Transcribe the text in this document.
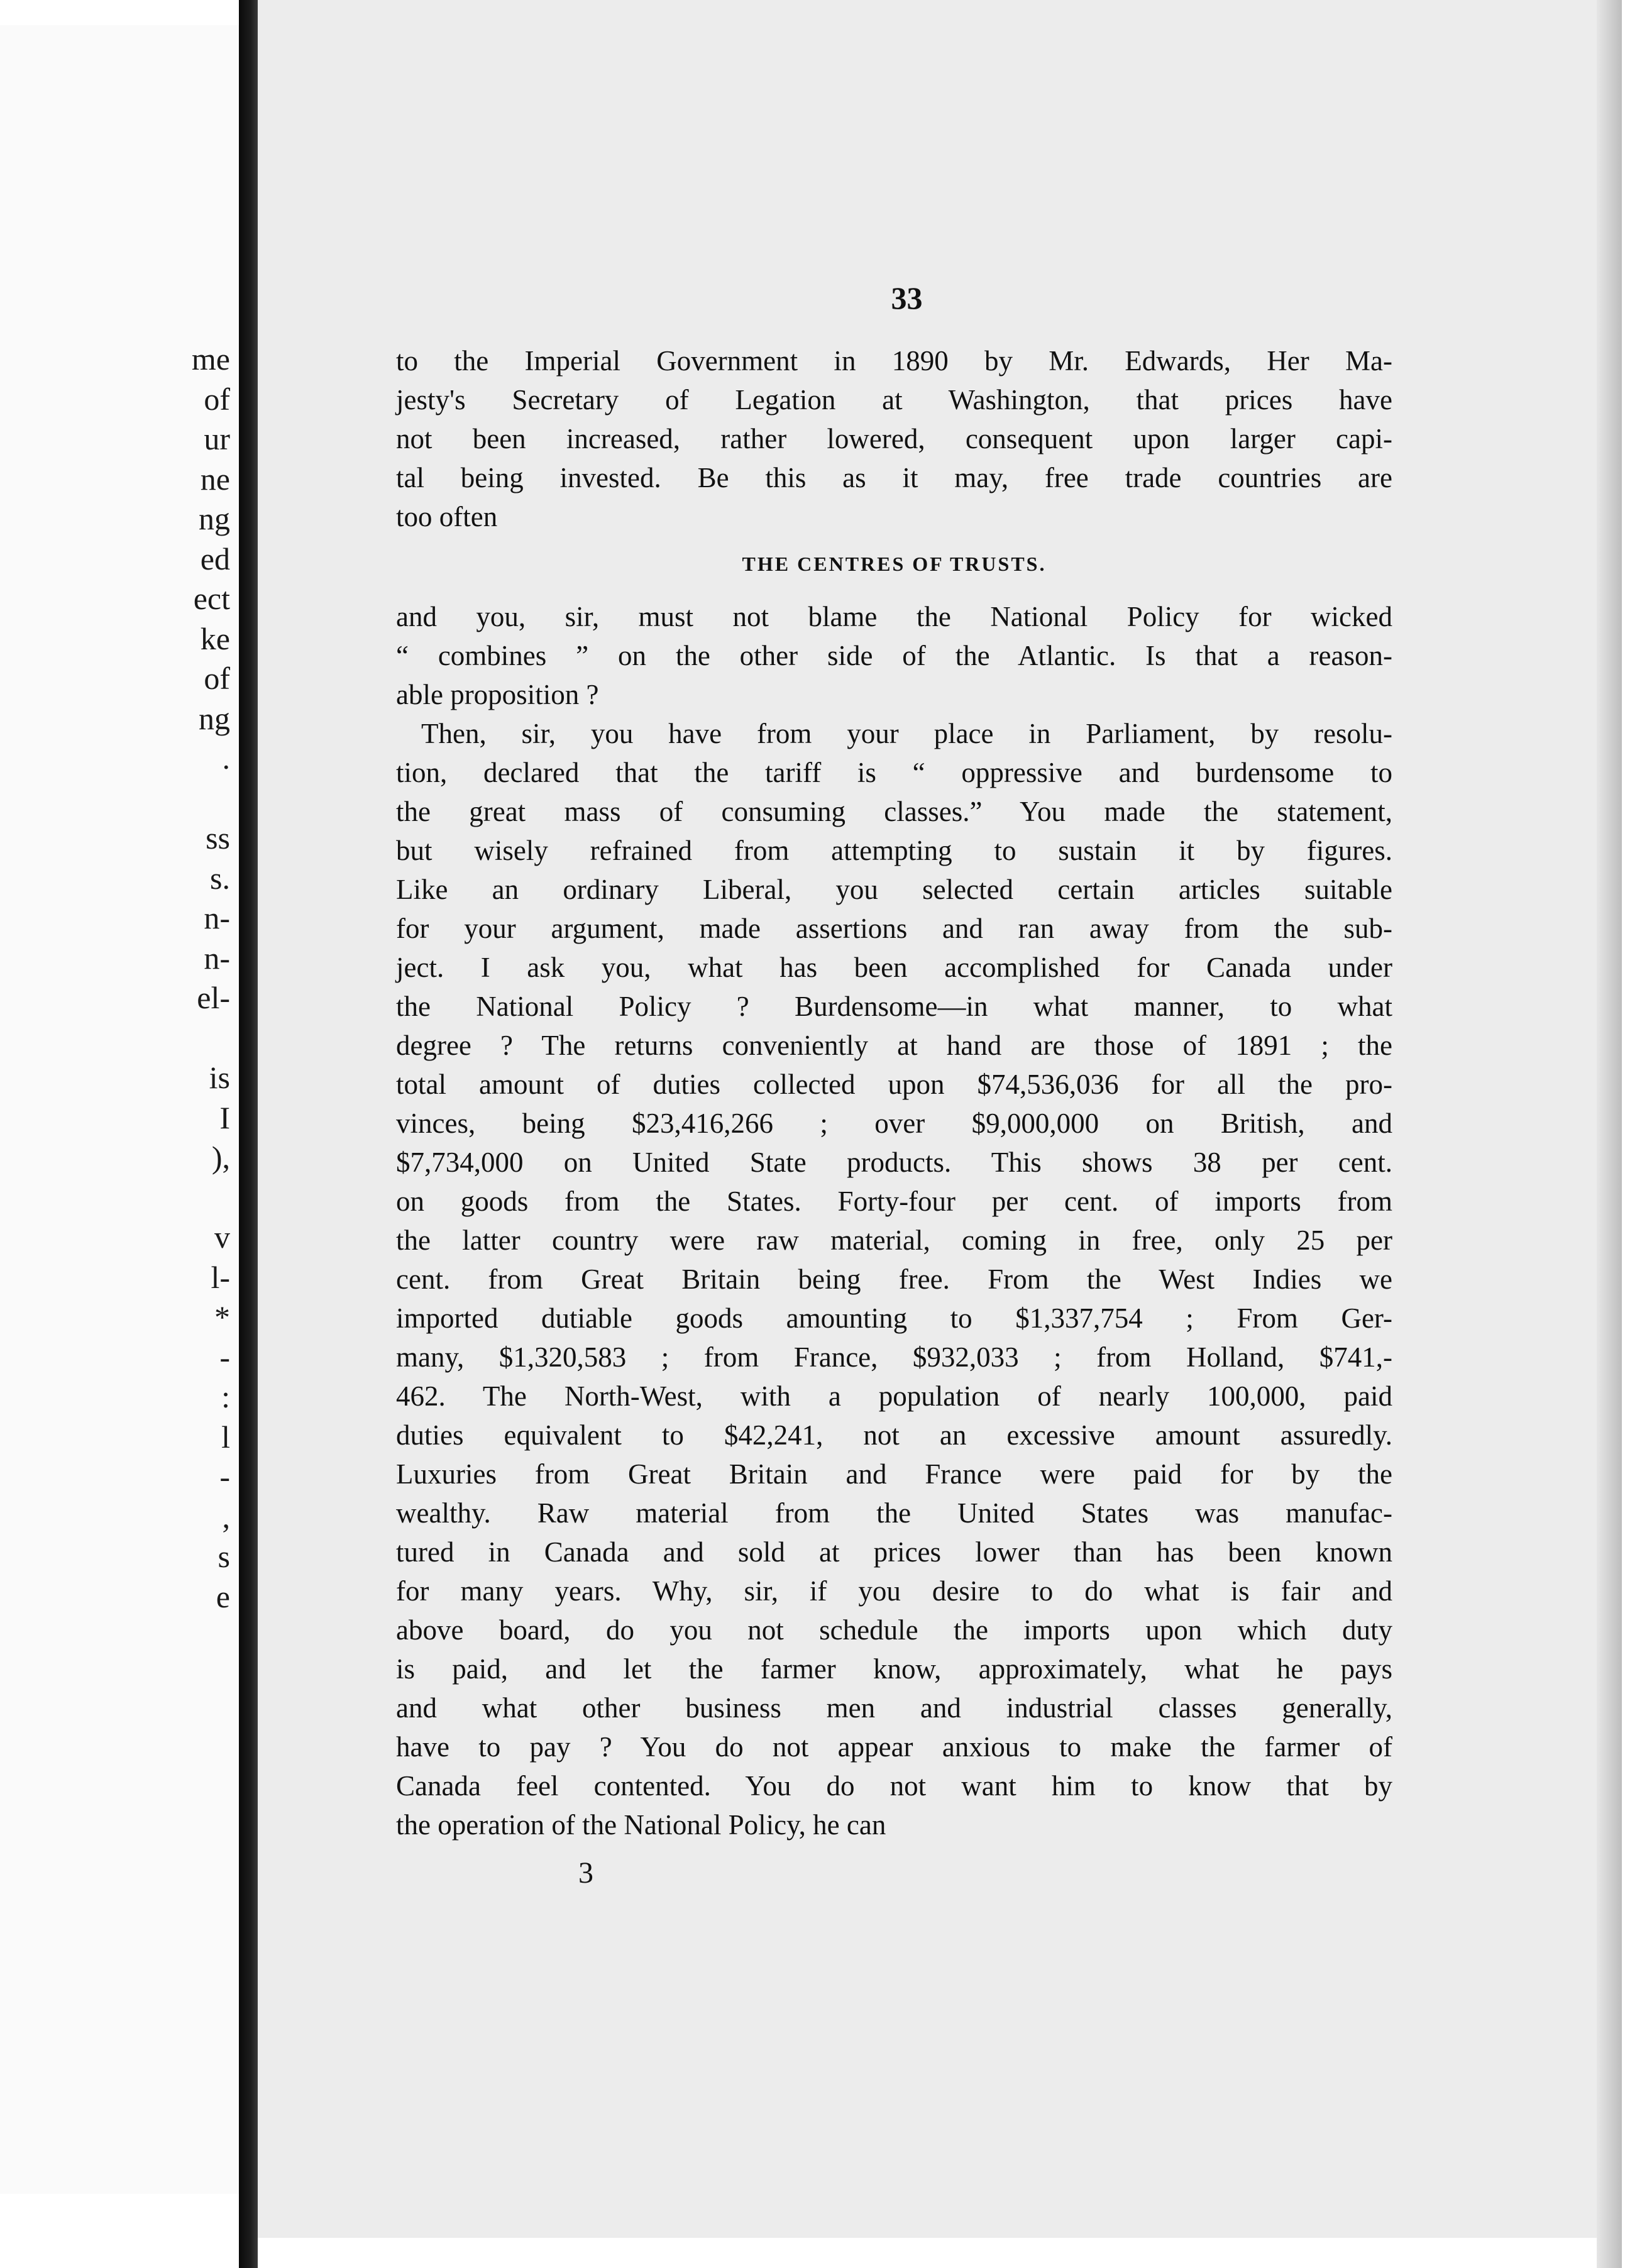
me
of
ur
ne
ng
ed
ect
ke
of
ng
.
ss
s.
n-
n-
el-
is
I
),
v
l-
*
-
:
l
-
,
s
e
33
to the Imperial Government in 1890 by Mr. Edwards, Her Ma-
jesty's Secretary of Legation at Washington, that prices have
not been increased, rather lowered, consequent upon larger capi-
tal being invested. Be this as it may, free trade countries are
too often
THE CENTRES OF TRUSTS.
and you, sir, must not blame the National Policy for wicked
“ combines ” on the other side of the Atlantic. Is that a reason-
able proposition ?
Then, sir, you have from your place in Parliament, by resolu-
tion, declared that the tariff is “ oppressive and burdensome to
the great mass of consuming classes.” You made the statement,
but wisely refrained from attempting to sustain it by figures.
Like an ordinary Liberal, you selected certain articles suitable
for your argument, made assertions and ran away from the sub-
ject. I ask you, what has been accomplished for Canada under
the National Policy ? Burdensome—in what manner, to what
degree ? The returns conveniently at hand are those of 1891 ; the
total amount of duties collected upon $74,536,036 for all the pro-
vinces, being $23,416,266 ; over $9,000,000 on British, and
$7,734,000 on United State products. This shows 38 per cent.
on goods from the States. Forty-four per cent. of imports from
the latter country were raw material, coming in free, only 25 per
cent. from Great Britain being free. From the West Indies we
imported dutiable goods amounting to $1,337,754 ; From Ger-
many, $1,320,583 ; from France, $932,033 ; from Holland, $741,-
462. The North-West, with a population of nearly 100,000, paid
duties equivalent to $42,241, not an excessive amount assuredly.
Luxuries from Great Britain and France were paid for by the
wealthy. Raw material from the United States was manufac-
tured in Canada and sold at prices lower than has been known
for many years. Why, sir, if you desire to do what is fair and
above board, do you not schedule the imports upon which duty
is paid, and let the farmer know, approximately, what he pays
and what other business men and industrial classes generally,
have to pay ? You do not appear anxious to make the farmer of
Canada feel contented. You do not want him to know that by
the operation of the National Policy, he can
3
